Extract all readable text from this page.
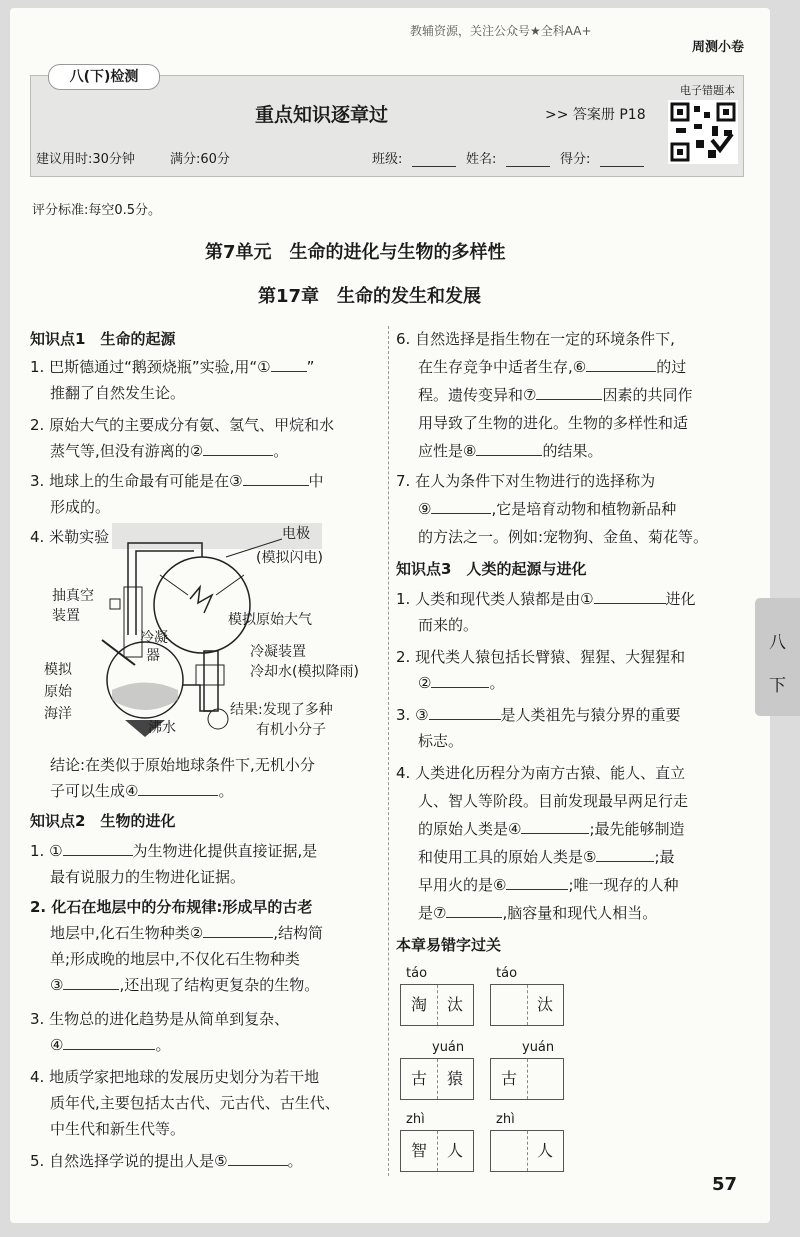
教辅资源，关注公众号★全科AA+
周测小卷
八(下)检测
重点知识逐章过	>> 答案册 P18
电子错题本
建议用时:30分钟	满分:60分	班级:	姓名:	得分:
评分标准:每空0.5分。
第7单元　生命的进化与生物的多样性
第17章　生命的发生和发展
知识点1　生命的起源
1. 巴斯德通过“鹅颈烧瓶”实验,用“① ”
推翻了自然发生论。
2. 原始大气的主要成分有氨、氢气、甲烷和水
蒸气等,但没有游离的②	。
3. 地球上的生命最有可能是在③	中
形成的。
4. 米勒实验	电极
(模拟闪电)
抽真空
装置	模拟原始大气
冷凝
器	冷凝装置
冷却水(模拟降雨)
模拟
原始
海洋
沸水
结果:发现了多种
有机小分子
结论:在类似于原始地球条件下,无机小分
子可以生成④	。
知识点2　生物的进化
1. ①	为生物进化提供直接证据,是
最有说服力的生物进化证据。
2. 化石在地层中的分布规律:形成早的古老
地层中,化石生物种类②	,结构简
单;形成晚的地层中,不仅化石生物种类
③	,还出现了结构更复杂的生物。
3. 生物总的进化趋势是从简单到复杂、
④	。
4. 地质学家把地球的发展历史划分为若干地
质年代,主要包括太古代、元古代、古生代、
中生代和新生代等。
5. 自然选择学说的提出人是⑤	。
6. 自然选择是指生物在一定的环境条件下,
在生存竞争中适者生存,⑥	的过
程。遗传变异和⑦	因素的共同作
用导致了生物的进化。生物的多样性和适
应性是⑧	的结果。
7. 在人为条件下对生物进行的选择称为
⑨	,它是培育动物和植物新品种
的方法之一。例如:宠物狗、金鱼、菊花等。
知识点3　人类的起源与进化
1. 人类和现代类人猿都是由①	进化
而来的。
2. 现代类人猿包括长臂猿、猩猩、大猩猩和
②	。
3. ③	是人类祖先与猿分界的重要
标志。
4. 人类进化历程分为南方古猿、能人、直立
人、智人等阶段。目前发现最早两足行走
的原始人类是④	;最先能够制造
和使用工具的原始人类是⑤	;最
早用火的是⑥	;唯一现存的人种
是⑦	,脑容量和现代人相当。
本章易错字过关
táo
淘	汰
táo
汰
yuán
古	猿
yuán
古
zhì
智	人
zhì
人
八
下
57
